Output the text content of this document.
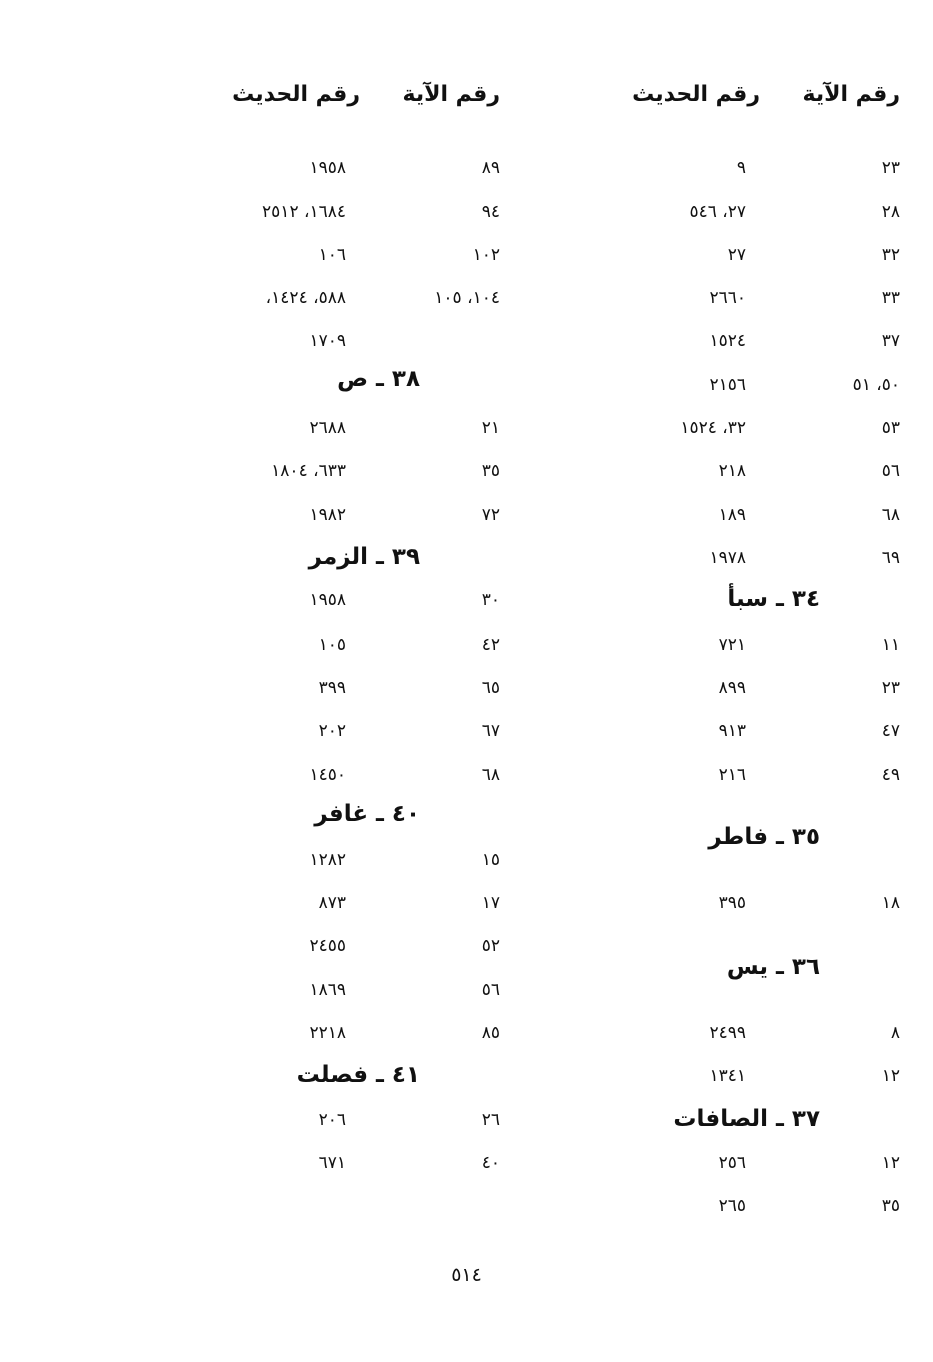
رقم الآية
رقم الحديث
٢٣
٩
٢٨
٢٧، ٥٤٦
٣٢
٢٧
٣٣
٢٦٦٠
٣٧
١٥٢٤
٥٠، ٥١
٢١٥٦
٥٣
٣٢، ١٥٢٤
٥٦
٢١٨
٦٨
١٨٩
٦٩
١٩٧٨
٣٤ ـ سبأ
١١
٧٢١
٢٣
٨٩٩
٤٧
٩١٣
٤٩
٢١٦
٣٥ ـ فاطر
١٨
٣٩٥
٣٦ ـ يس
٨
٢٤٩٩
١٢
١٣٤١
٣٧ ـ الصافات
١٢
٢٥٦
٣٥
٢٦٥
رقم الآية
رقم الحديث
٨٩
١٩٥٨
٩٤
١٦٨٤، ٢٥١٢
١٠٢
١٠٦
١٠٤، ١٠٥
٥٨٨، ١٤٢٤،
١٧٠٩
٣٨ ـ ص
٢١
٢٦٨٨
٣٥
٦٣٣، ١٨٠٤
٧٢
١٩٨٢
٣٩ ـ الزمر
٣٠
١٩٥٨
٤٢
١٠٥
٦٥
٣٩٩
٦٧
٢٠٢
٦٨
١٤٥٠
٤٠ ـ غافر
١٥
١٢٨٢
١٧
٨٧٣
٥٢
٢٤٥٥
٥٦
١٨٦٩
٨٥
٢٢١٨
٤١ ـ فصلت
٢٦
٢٠٦
٤٠
٦٧١
٥١٤
